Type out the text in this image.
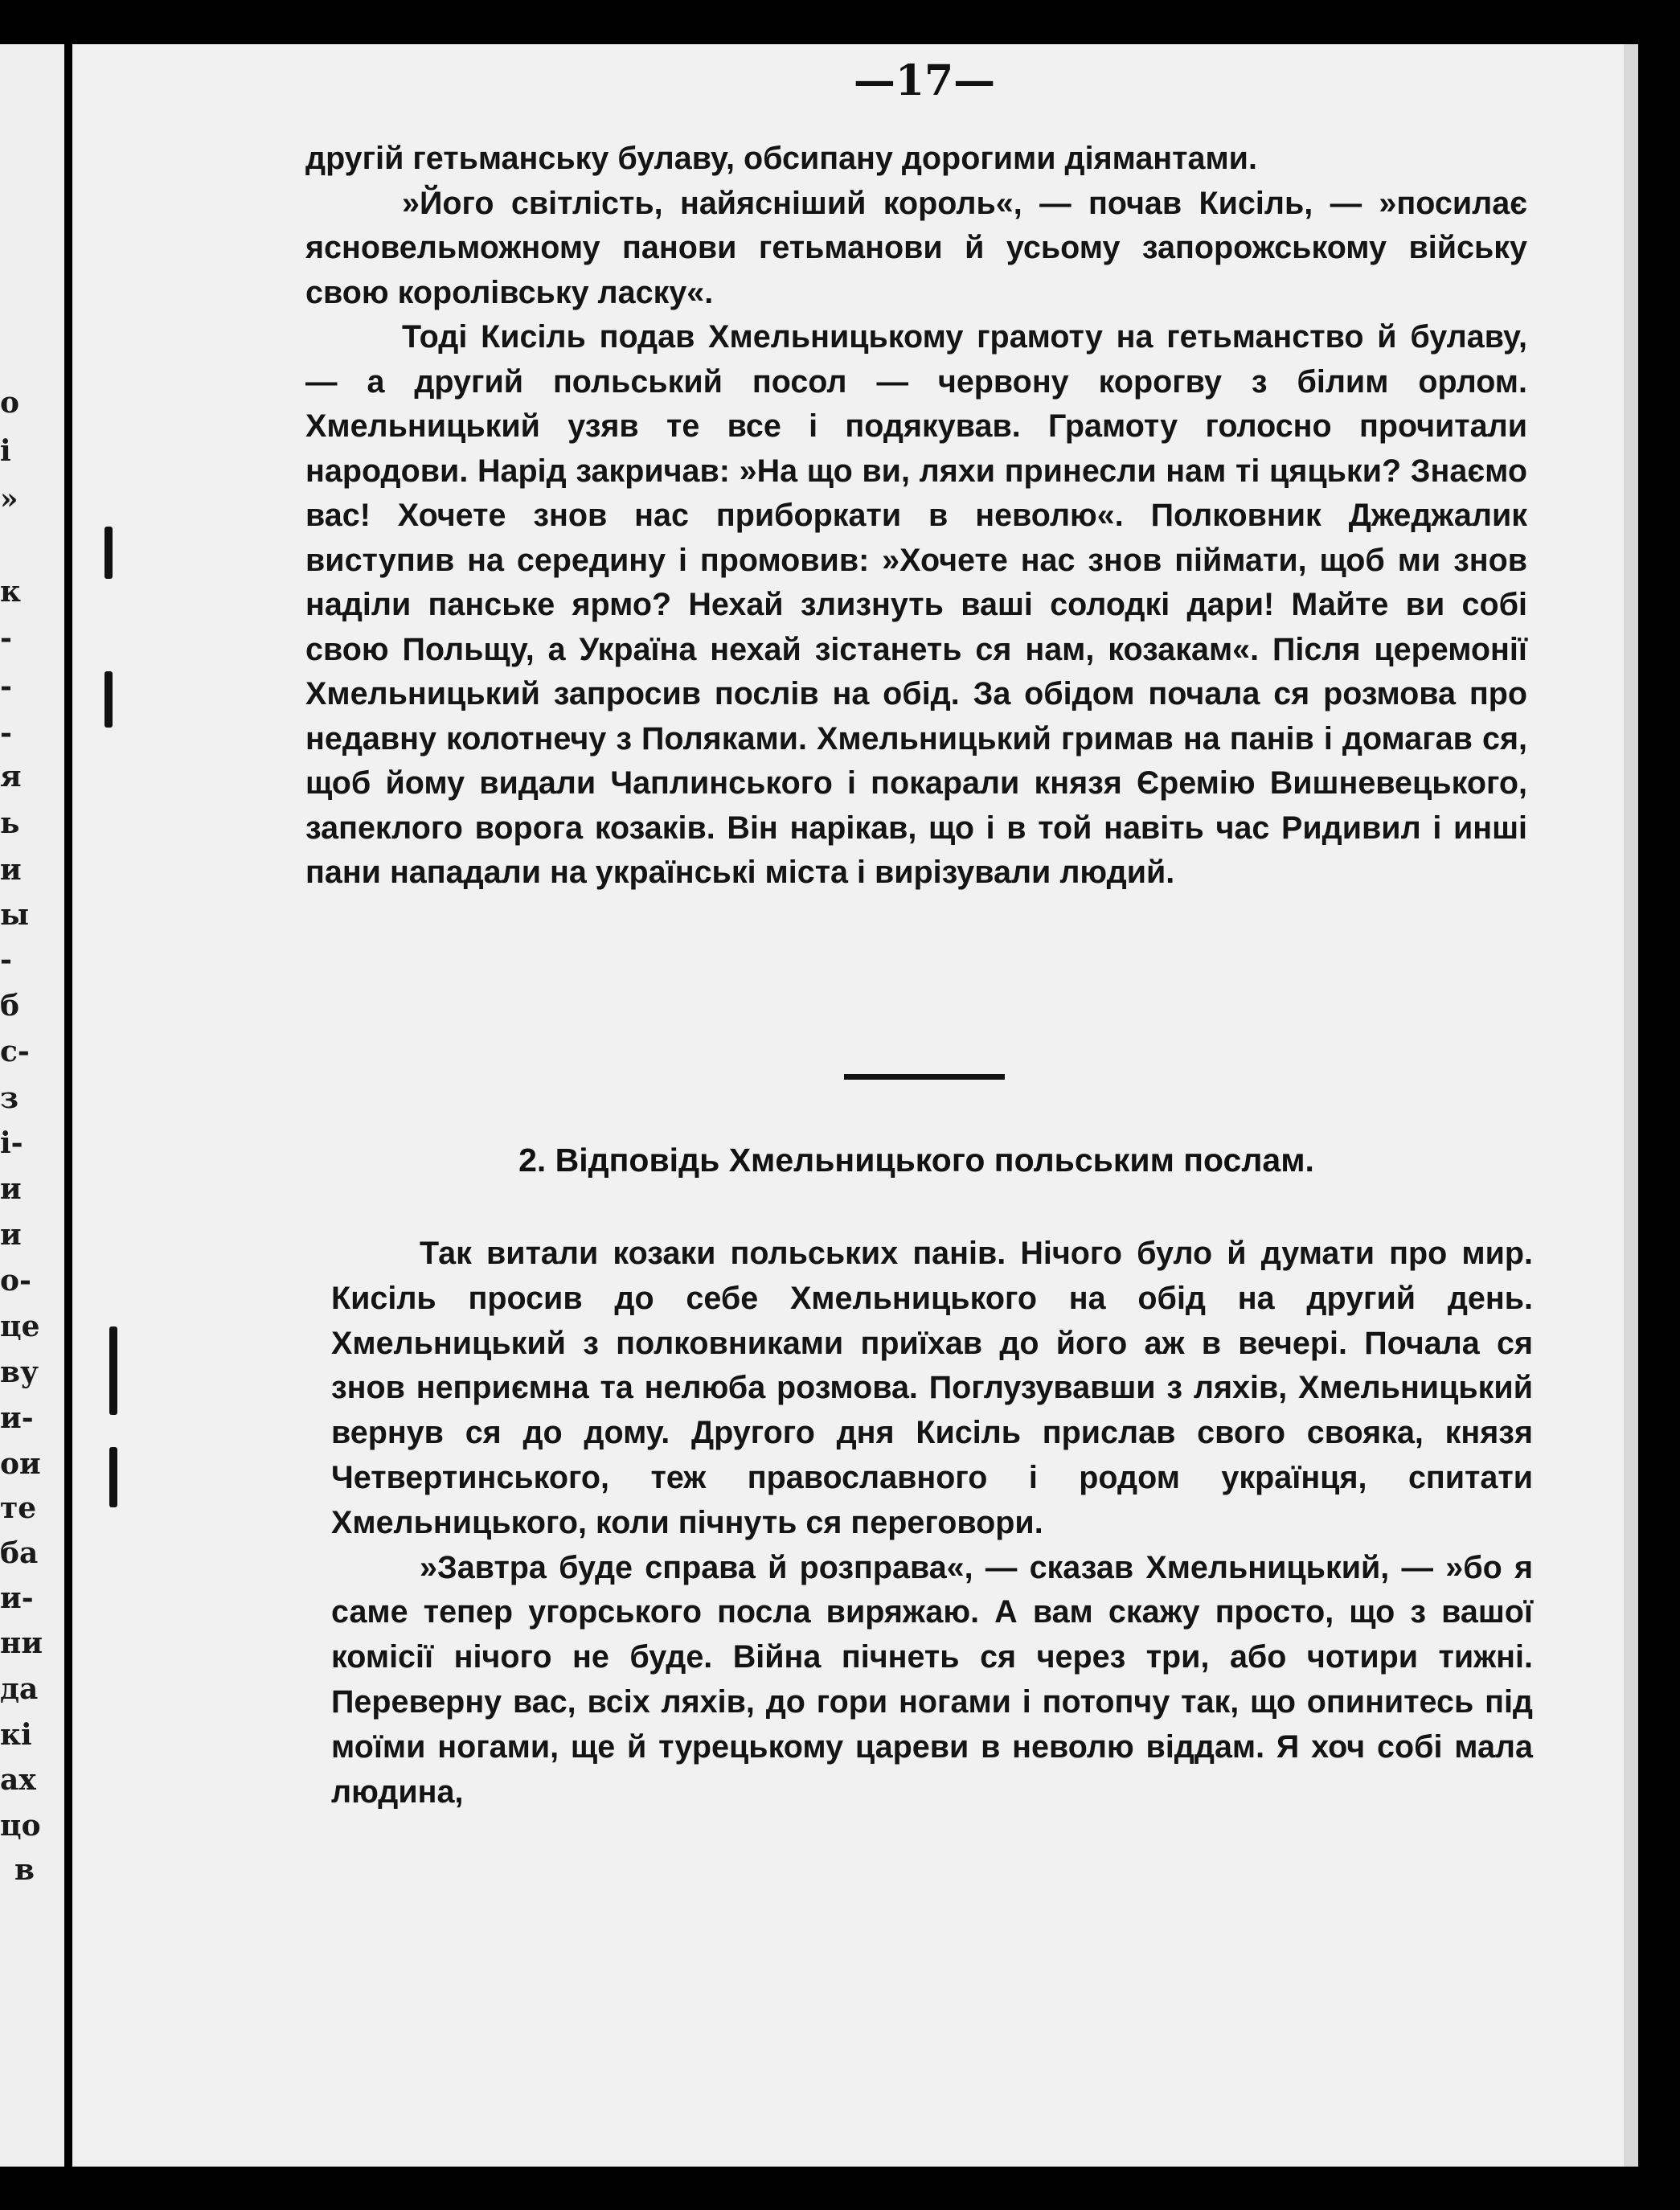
о
і
»
к
-
-
-
я
ь
и
ы
-
б
с-
з
і-
и
и
о-
це
ву
и-
ои
те
ба
и-
ни
да
кі
ах
цо
в
—17—

другій гетьманську булаву, обсипану дорогими діямантами.

»Його світлість, найясніший король«, — почав Кисіль, — »посилає ясновельможному панови гетьманови й усьому запорожському війську свою королівську ласку«.

Тоді Кисіль подав Хмельницькому грамоту на гетьманство й булаву, — а другий польський посол — червону корогву з білим орлом. Хмельницький узяв те все і подякував. Грамоту голосно прочитали народови. Нарід закричав: »На що ви, ляхи принесли нам ті цяцьки? Знаємо вас! Хочете знов нас приборкати в неволю«. Полковник Джеджалик виступив на середину і промовив: »Хочете нас знов піймати, щоб ми знов наділи панське ярмо? Нехай злизнуть ваші солодкі дари! Майте ви собі свою Польщу, а Україна нехай зістанеть ся нам, козакам«. Після церемонії Хмельницький запросив послів на обід. За обідом почала ся розмова про недавну колотнечу з Поляками. Хмельницький гримав на панів і домагав ся, щоб йому видали Чаплинського і покарали князя Єремію Вишневецького, запеклого ворога козаків. Він нарікав, що і в той навіть час Ридивил і инші пани нападали на українські міста і вирізували людий.

2. Відповідь Хмельницького польським послам.

Так витали козаки польських панів. Нічого було й думати про мир. Кисіль просив до себе Хмельницького на обід на другий день. Хмельницький з полковниками приїхав до його аж в вечері. Почала ся знов неприємна та нелюба розмова. Поглузувавши з ляхів, Хмельницький вернув ся до дому. Другого дня Кисіль прислав свого свояка, князя Четвертинського, теж православного і родом українця, спитати Хмельницького, коли пічнуть ся переговори.

»Завтра буде справа й розправа«, — сказав Хмельницький, — »бо я саме тепер угорського посла виряжаю. А вам скажу просто, що з вашої комісії нічого не буде. Війна пічнеть ся через три, або чотири тижні. Переверну вас, всіх ляхів, до гори ногами і потопчу так, що опинитесь під моїми ногами, ще й турецькому цареви в неволю віддам. Я хоч собі мала людина,
